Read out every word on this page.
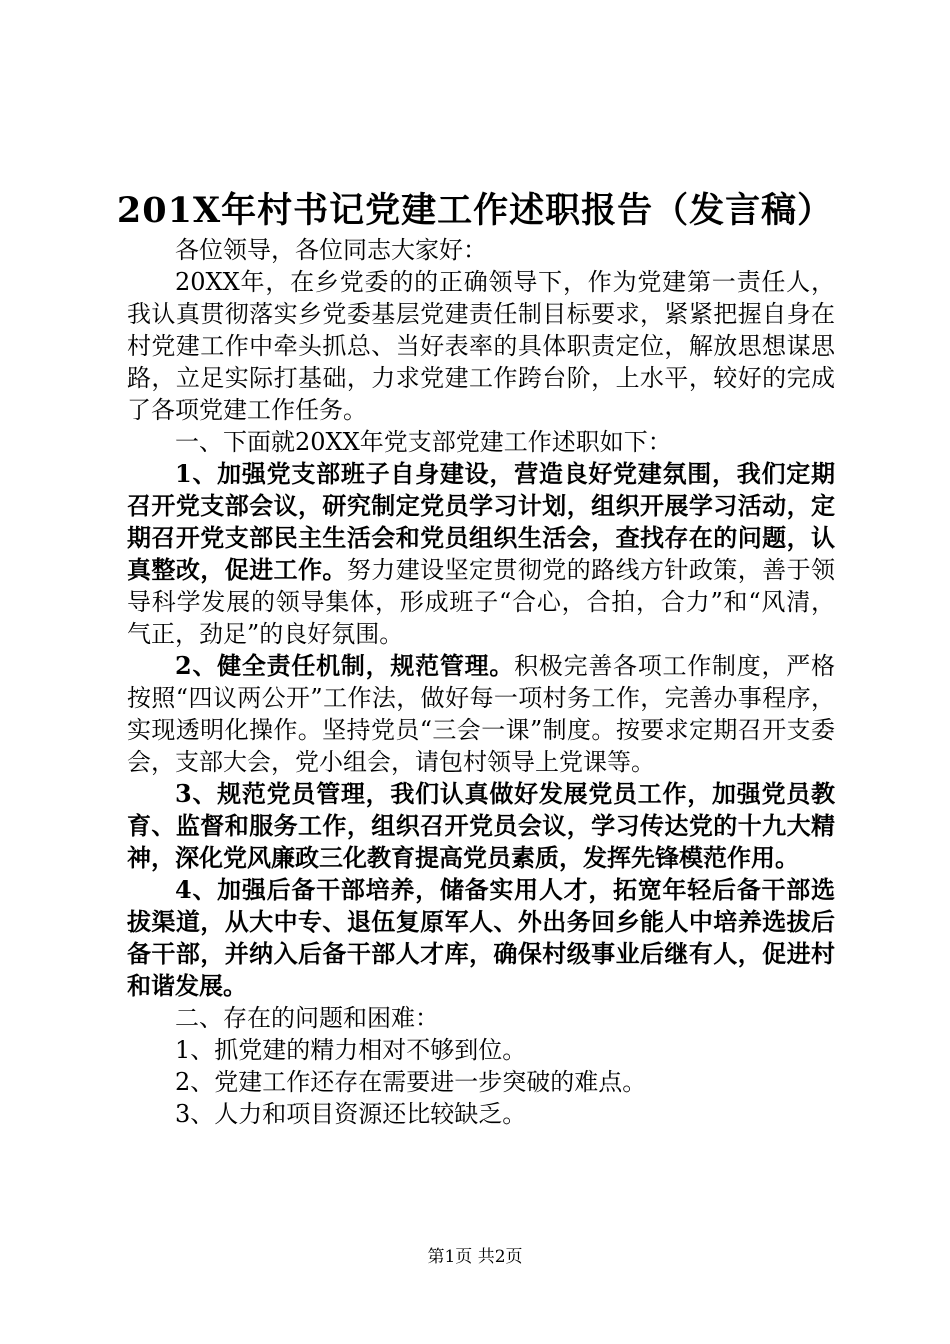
201X年村书记党建工作述职报告（发言稿）

各位领导，各位同志大家好：

20XX年，在乡党委的的正确领导下，作为党建第一责任人，我认真贯彻落实乡党委基层党建责任制目标要求，紧紧把握自身在村党建工作中牵头抓总、当好表率的具体职责定位，解放思想谋思路，立足实际打基础，力求党建工作跨台阶，上水平，较好的完成了各项党建工作任务。

一、下面就20XX年党支部党建工作述职如下：

1、加强党支部班子自身建设，营造良好党建氛围，我们定期召开党支部会议，研究制定党员学习计划，组织开展学习活动，定期召开党支部民主生活会和党员组织生活会，查找存在的问题，认真整改，促进工作。努力建设坚定贯彻党的路线方针政策，善于领导科学发展的领导集体，形成班子“合心，合拍，合力”和“风清，气正，劲足”的良好氛围。

2、健全责任机制，规范管理。积极完善各项工作制度，严格按照“四议两公开”工作法，做好每一项村务工作，完善办事程序，实现透明化操作。坚持党员“三会一课”制度。按要求定期召开支委会，支部大会，党小组会，请包村领导上党课等。

3、规范党员管理，我们认真做好发展党员工作，加强党员教育、监督和服务工作，组织召开党员会议，学习传达党的十九大精神，深化党风廉政三化教育提高党员素质，发挥先锋模范作用。

4、加强后备干部培养，储备实用人才，拓宽年轻后备干部选拔渠道，从大中专、退伍复原军人、外出务回乡能人中培养选拔后备干部，并纳入后备干部人才库，确保村级事业后继有人，促进村和谐发展。

二、存在的问题和困难：

1、抓党建的精力相对不够到位。

2、党建工作还存在需要进一步突破的难点。

3、人力和项目资源还比较缺乏。

第1页 共2页
